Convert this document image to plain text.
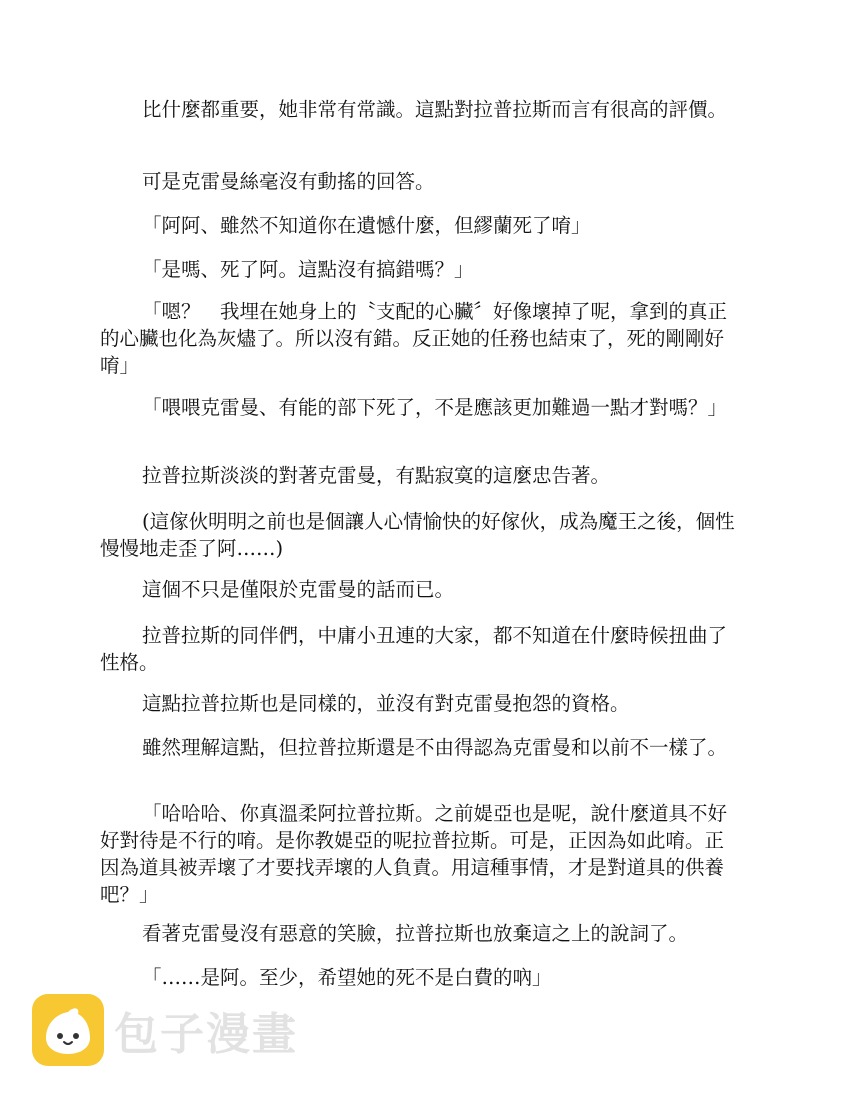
比什麼都重要，她非常有常識。這點對拉普拉斯而言有很高的評價。

可是克雷曼絲毫沒有動搖的回答。

「阿阿、雖然不知道你在遺憾什麼，但繆蘭死了唷」

「是嗎、死了阿。這點沒有搞錯嗎？」

「嗯？　我埋在她身上的〝支配的心臟〞好像壞掉了呢，拿到的真正的心臟也化為灰燼了。所以沒有錯。反正她的任務也結束了，死的剛剛好唷」

「喂喂克雷曼、有能的部下死了，不是應該更加難過一點才對嗎？」

拉普拉斯淡淡的對著克雷曼，有點寂寞的這麼忠告著。

(這傢伙明明之前也是個讓人心情愉快的好傢伙，成為魔王之後，個性慢慢地走歪了阿……)

這個不只是僅限於克雷曼的話而已。

拉普拉斯的同伴們，中庸小丑連的大家，都不知道在什麼時候扭曲了性格。

這點拉普拉斯也是同樣的，並沒有對克雷曼抱怨的資格。

雖然理解這點，但拉普拉斯還是不由得認為克雷曼和以前不一樣了。

「哈哈哈、你真溫柔阿拉普拉斯。之前媞亞也是呢，說什麼道具不好好對待是不行的唷。是你教媞亞的呢拉普拉斯。可是，正因為如此唷。正因為道具被弄壞了才要找弄壞的人負責。用這種事情，才是對道具的供養吧？」

看著克雷曼沒有惡意的笑臉，拉普拉斯也放棄這之上的說詞了。

「……是阿。至少，希望她的死不是白費的吶」

包子漫畫
